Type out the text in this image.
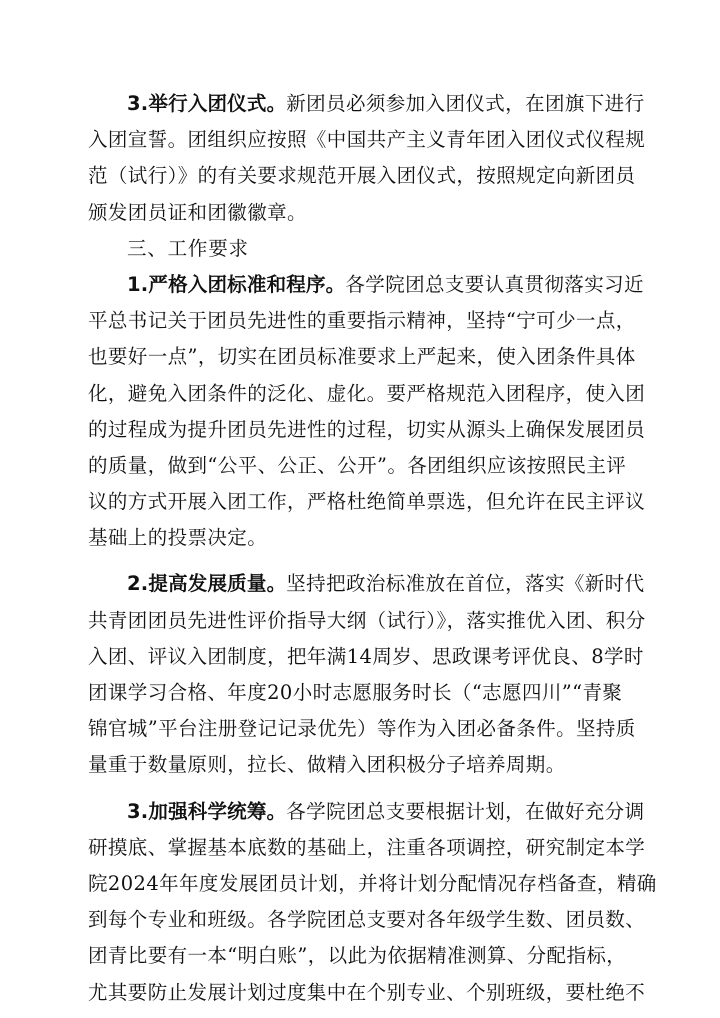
3.举行入团仪式。新团员必须参加入团仪式，在团旗下进行
入团宣誓。团组织应按照《中国共产主义青年团入团仪式仪程规
范（试行）》的有关要求规范开展入团仪式，按照规定向新团员
颁发团员证和团徽徽章。
三、工作要求
1.严格入团标准和程序。各学院团总支要认真贯彻落实习近
平总书记关于团员先进性的重要指示精神，坚持“宁可少一点，
也要好一点”，切实在团员标准要求上严起来，使入团条件具体
化，避免入团条件的泛化、虚化。要严格规范入团程序，使入团
的过程成为提升团员先进性的过程，切实从源头上确保发展团员
的质量，做到“公平、公正、公开”。各团组织应该按照民主评
议的方式开展入团工作，严格杜绝简单票选，但允许在民主评议
基础上的投票决定。
2.提高发展质量。坚持把政治标准放在首位，落实《新时代
共青团团员先进性评价指导大纲（试行）》，落实推优入团、积分
入团、评议入团制度，把年满14周岁、思政课考评优良、8学时
团课学习合格、年度20小时志愿服务时长（“志愿四川”“青聚
锦官城”平台注册登记记录优先）等作为入团必备条件。坚持质
量重于数量原则，拉长、做精入团积极分子培养周期。
3.加强科学统筹。各学院团总支要根据计划，在做好充分调
研摸底、掌握基本底数的基础上，注重各项调控，研究制定本学
院2024年年度发展团员计划，并将计划分配情况存档备查，精确
到每个专业和班级。各学院团总支要对各年级学生数、团员数、
团青比要有一本“明白账”，以此为依据精准测算、分配指标，
尤其要防止发展计划过度集中在个别专业、个别班级，要杜绝不
